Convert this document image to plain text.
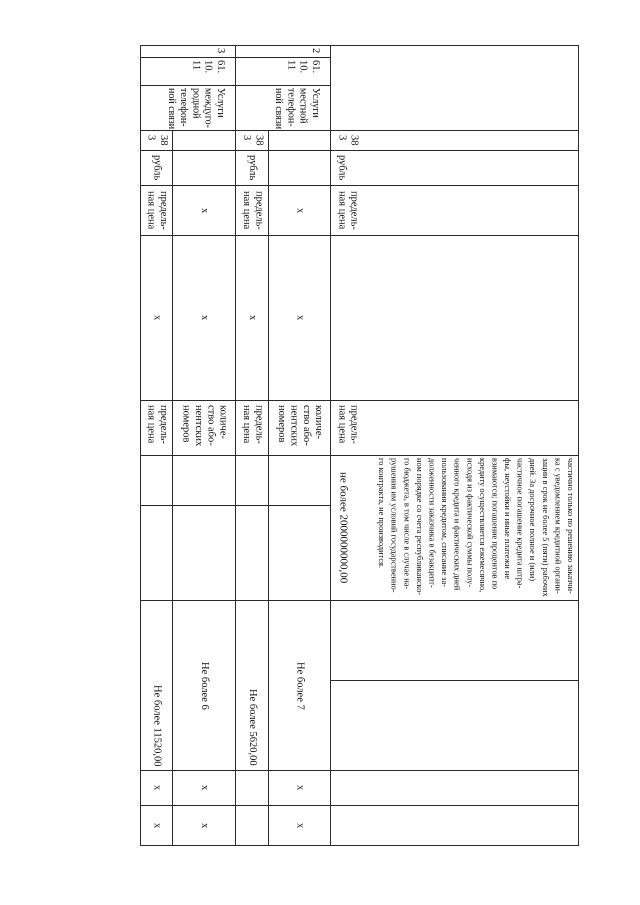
38
3
рубль
предель-
ная цена
предель-
ная цена
не более 2000000000,00	частично только по решению заказчи-
ка с уведомлением кредитной органи-
зации в срок не более 5 (пяти) рабочих
дней. За досрочное полное и (или)
частичное погашение кредита штра-
фы, неустойки и иные платежи не
взимаются; погашение процентов по
кредиту осуществляется ежемесячно,
исходя из фактической суммы полу-
ченного кредита и фактических дней
пользования кредитом, списание за-
долженности заказчика в безакцепт-
ном порядке со счета республиканско-
го бюджета, в том числе в случае на-
рушения им условий государственно-
го контракта, не производится.
2
61.
10.
11
Услуги
местной
телефон-
ной связи
x
x
количе-
ство або-
нентских
номеров
Не более 7
x
x
38
3
рубль
предель-
ная цена
x
предель-
ная цена
Не более 5620,00
3
61.
10.
11
Услуги
междуго-
родной
телефон-
ной связи
x
x
количе-
ство або-
нентских
номеров
Не более 6
x
x
38
3
рубль
предель-
ная цена
x
предель-
ная цена
Не более 11520,00
x
x
